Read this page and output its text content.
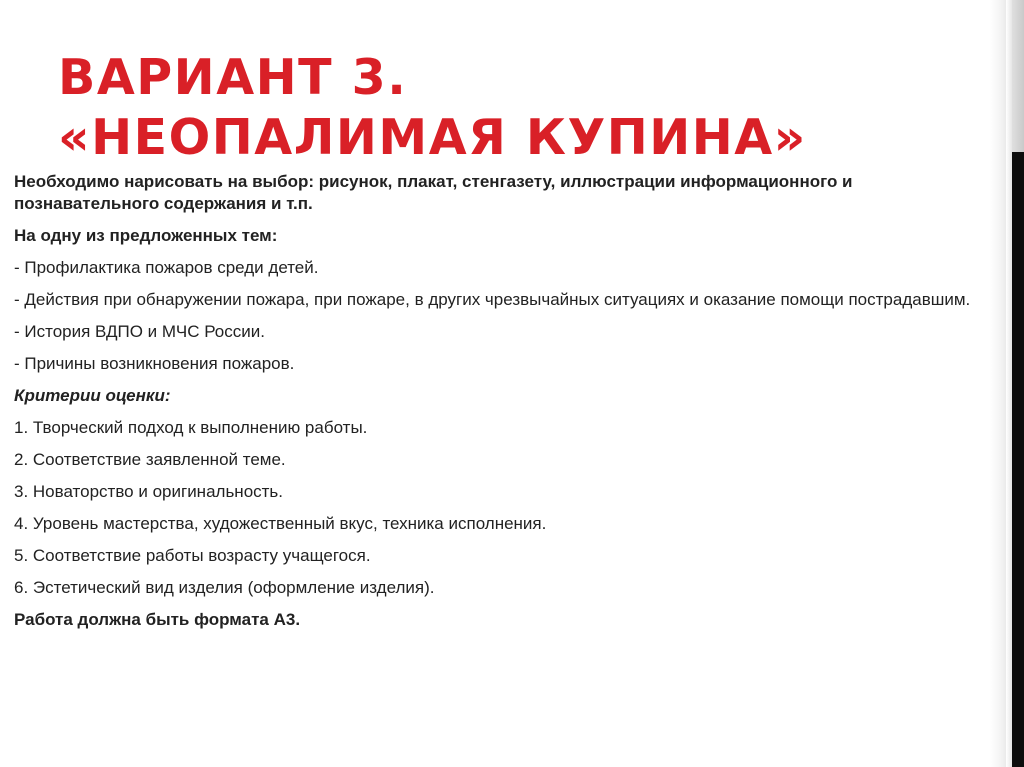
ВАРИАНТ 3.
«НЕОПАЛИМАЯ КУПИНА»

Необходимо нарисовать на выбор: рисунок, плакат, стенгазету, иллюстрации информационного и познавательного содержания и т.п.

На одну из предложенных тем:

- Профилактика пожаров среди детей.
- Действия при обнаружении пожара, при пожаре, в других чрезвычайных ситуациях и оказание помощи пострадавшим.
- История ВДПО и МЧС России.
- Причины возникновения пожаров.

Критерии оценки:

1. Творческий подход к выполнению работы.
2. Соответствие заявленной теме.
3. Новаторство и оригинальность.
4. Уровень мастерства, художественный вкус, техника исполнения.
5. Соответствие работы возрасту учащегося.
6. Эстетический вид изделия (оформление изделия).

Работа должна быть формата А3.
